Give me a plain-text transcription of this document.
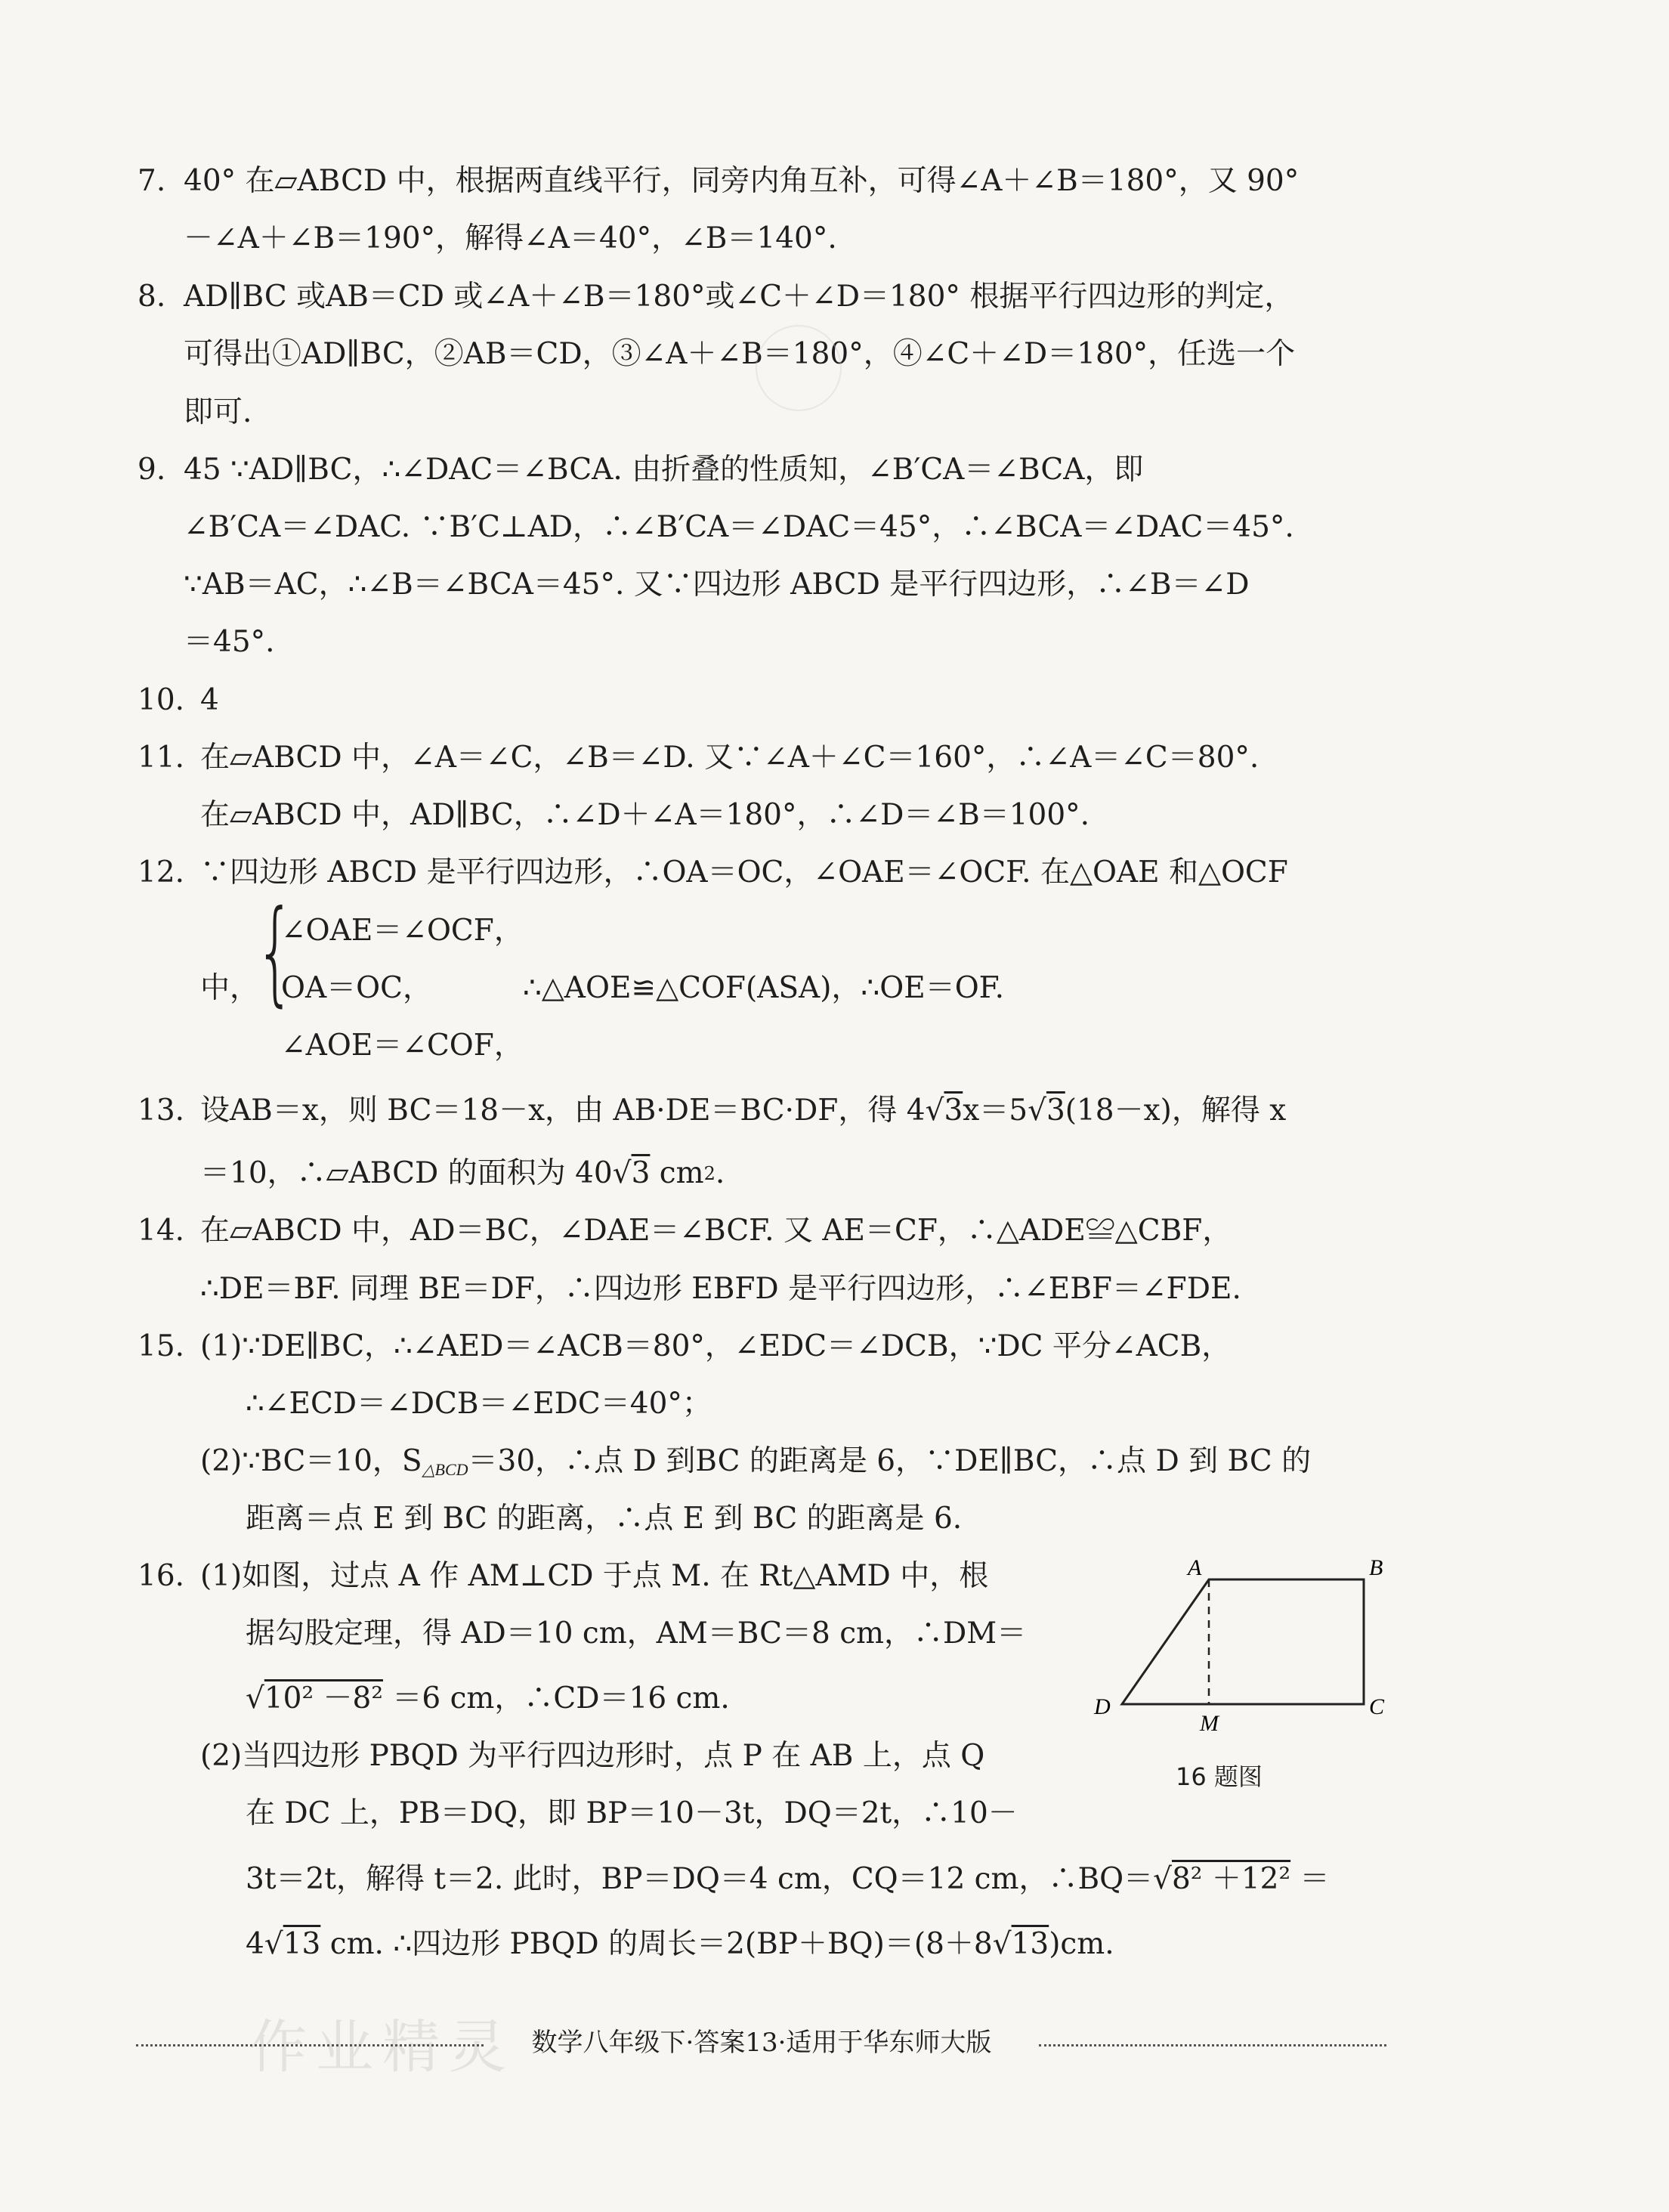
7. 40° 在▱ABCD 中，根据两直线平行，同旁内角互补，可得∠A＋∠B＝180°，又 90°
－∠A＋∠B＝190°，解得∠A＝40°，∠B＝140°.
8. AD∥BC 或AB＝CD 或∠A＋∠B＝180°或∠C＋∠D＝180° 根据平行四边形的判定，
可得出①AD∥BC，②AB＝CD，③∠A＋∠B＝180°，④∠C＋∠D＝180°，任选一个
即可.
9. 45 ∵AD∥BC，∴∠DAC＝∠BCA. 由折叠的性质知，∠B′CA＝∠BCA，即
∠B′CA＝∠DAC. ∵B′C⊥AD，∴∠B′CA＝∠DAC＝45°，∴∠BCA＝∠DAC＝45°.
∵AB＝AC，∴∠B＝∠BCA＝45°. 又∵四边形 ABCD 是平行四边形，∴∠B＝∠D
＝45°.
10. 4
11. 在▱ABCD 中，∠A＝∠C，∠B＝∠D. 又∵∠A＋∠C＝160°，∴∠A＝∠C＝80°.
在▱ABCD 中，AD∥BC，∴∠D＋∠A＝180°，∴∠D＝∠B＝100°.
12. ∵四边形 ABCD 是平行四边形，∴OA＝OC，∠OAE＝∠OCF. 在△OAE 和△OCF
中，
{
∠OAE＝∠OCF，
OA＝OC，
∠AOE＝∠COF，
∴△AOE≌△COF(ASA)，∴OE＝OF.
13. 设AB＝x，则 BC＝18－x，由 AB·DE＝BC·DF，得 4√3x＝5√3(18－x)，解得 x
＝10，∴▱ABCD 的面积为 40√3 $cm^2$.
14. 在▱ABCD 中，AD＝BC，∠DAE＝∠BCF. 又 AE＝CF，∴△ADE≌△CBF，
∴DE＝BF. 同理 BE＝DF，∴四边形 EBFD 是平行四边形，∴∠EBF＝∠FDE.
15. (1)∵DE∥BC，∴∠AED＝∠ACB＝80°，∠EDC＝∠DCB，∵DC 平分∠ACB，
∴∠ECD＝∠DCB＝∠EDC＝40°；
(2)∵BC＝10，$S_{\triangle BCD}=30$，∴点 D 到BC 的距离是 6，∵DE∥BC，∴点 D 到 BC 的
距离＝点 E 到 BC 的距离，∴点 E 到 BC 的距离是 6.
16. (1)如图，过点 A 作 AM⊥CD 于点 M. 在 Rt△AMD 中，根
据勾股定理，得 AD＝10 cm，AM＝BC＝8 cm，∴DM＝
√10² －8² ＝6 cm，∴CD＝16 cm.
(2)当四边形 PBQD 为平行四边形时，点 P 在 AB 上，点 Q
在 DC 上，PB＝DQ，即 BP＝10－3t，DQ＝2t，∴10－
3t＝2t，解得 t＝2. 此时，BP＝DQ＝4 cm，CQ＝12 cm，∴BQ＝√8² ＋12² ＝
4√13 cm. ∴四边形 PBQD 的周长＝2(BP＋BQ)＝(8＋8√13)cm.
A	B
C
D
M
16 题图
作业精灵 数学八年级下·答案13·适用于华东师大版
